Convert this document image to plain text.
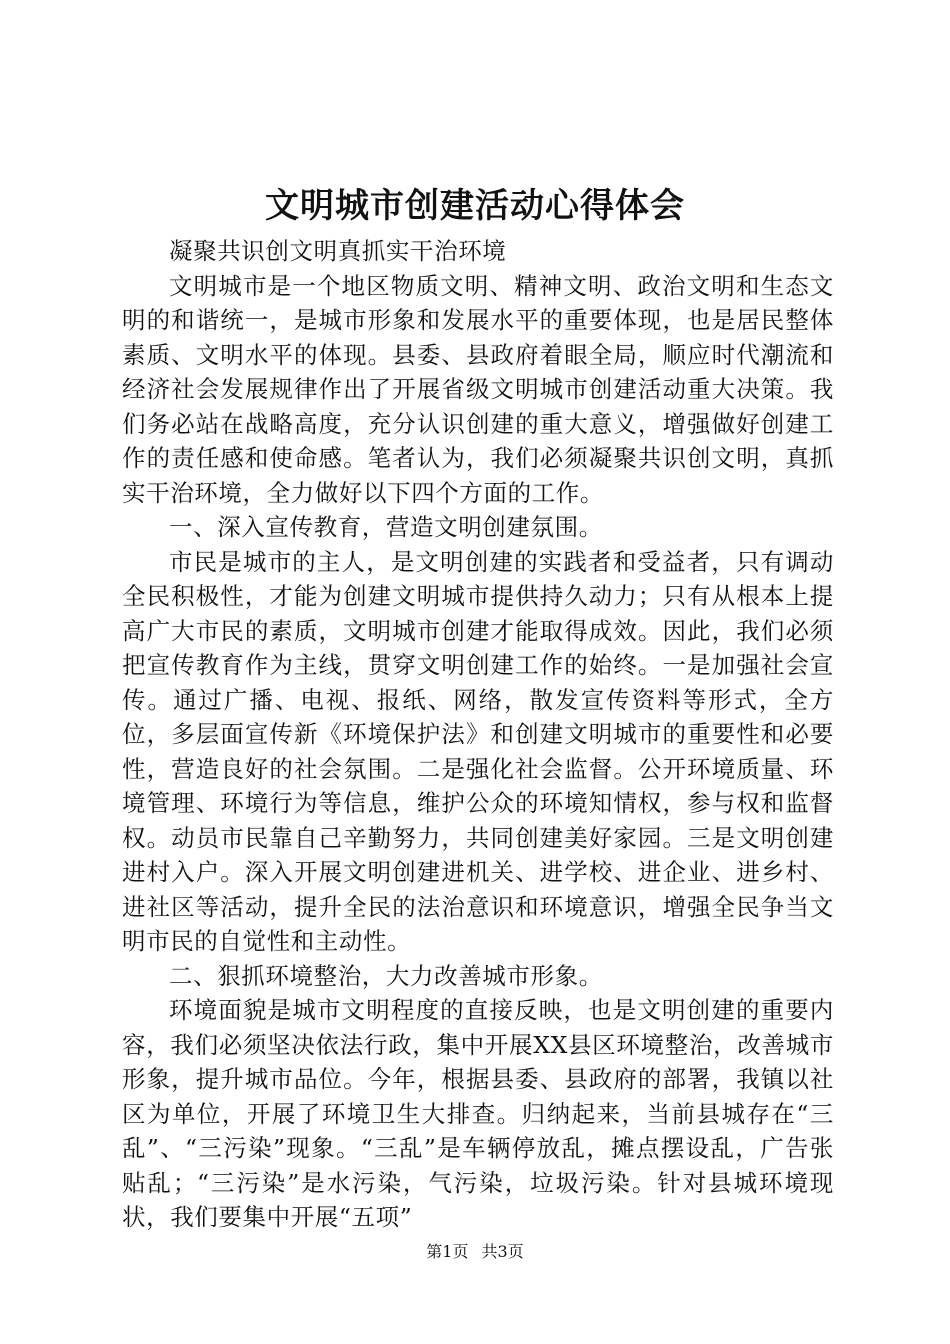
文明城市创建活动心得体会

凝聚共识创文明真抓实干治环境

文明城市是一个地区物质文明、精神文明、政治文明和生态文明的和谐统一，是城市形象和发展水平的重要体现，也是居民整体素质、文明水平的体现。县委、县政府着眼全局，顺应时代潮流和经济社会发展规律作出了开展省级文明城市创建活动重大决策。我们务必站在战略高度，充分认识创建的重大意义，增强做好创建工作的责任感和使命感。笔者认为，我们必须凝聚共识创文明，真抓实干治环境，全力做好以下四个方面的工作。

一、深入宣传教育，营造文明创建氛围。

市民是城市的主人，是文明创建的实践者和受益者，只有调动全民积极性，才能为创建文明城市提供持久动力；只有从根本上提高广大市民的素质，文明城市创建才能取得成效。因此，我们必须把宣传教育作为主线，贯穿文明创建工作的始终。一是加强社会宣传。通过广播、电视、报纸、网络，散发宣传资料等形式，全方位，多层面宣传新《环境保护法》和创建文明城市的重要性和必要性，营造良好的社会氛围。二是强化社会监督。公开环境质量、环境管理、环境行为等信息，维护公众的环境知情权，参与权和监督权。动员市民靠自己辛勤努力，共同创建美好家园。三是文明创建进村入户。深入开展文明创建进机关、进学校、进企业、进乡村、进社区等活动，提升全民的法治意识和环境意识，增强全民争当文明市民的自觉性和主动性。

二、狠抓环境整治，大力改善城市形象。

环境面貌是城市文明程度的直接反映，也是文明创建的重要内容，我们必须坚决依法行政，集中开展XX县区环境整治，改善城市形象，提升城市品位。今年，根据县委、县政府的部署，我镇以社区为单位，开展了环境卫生大排查。归纳起来，当前县城存在“三乱”、“三污染”现象。“三乱”是车辆停放乱，摊点摆设乱，广告张贴乱；“三污染”是水污染，气污染，垃圾污染。针对县城环境现状，我们要集中开展“五项”

第1页 共3页
